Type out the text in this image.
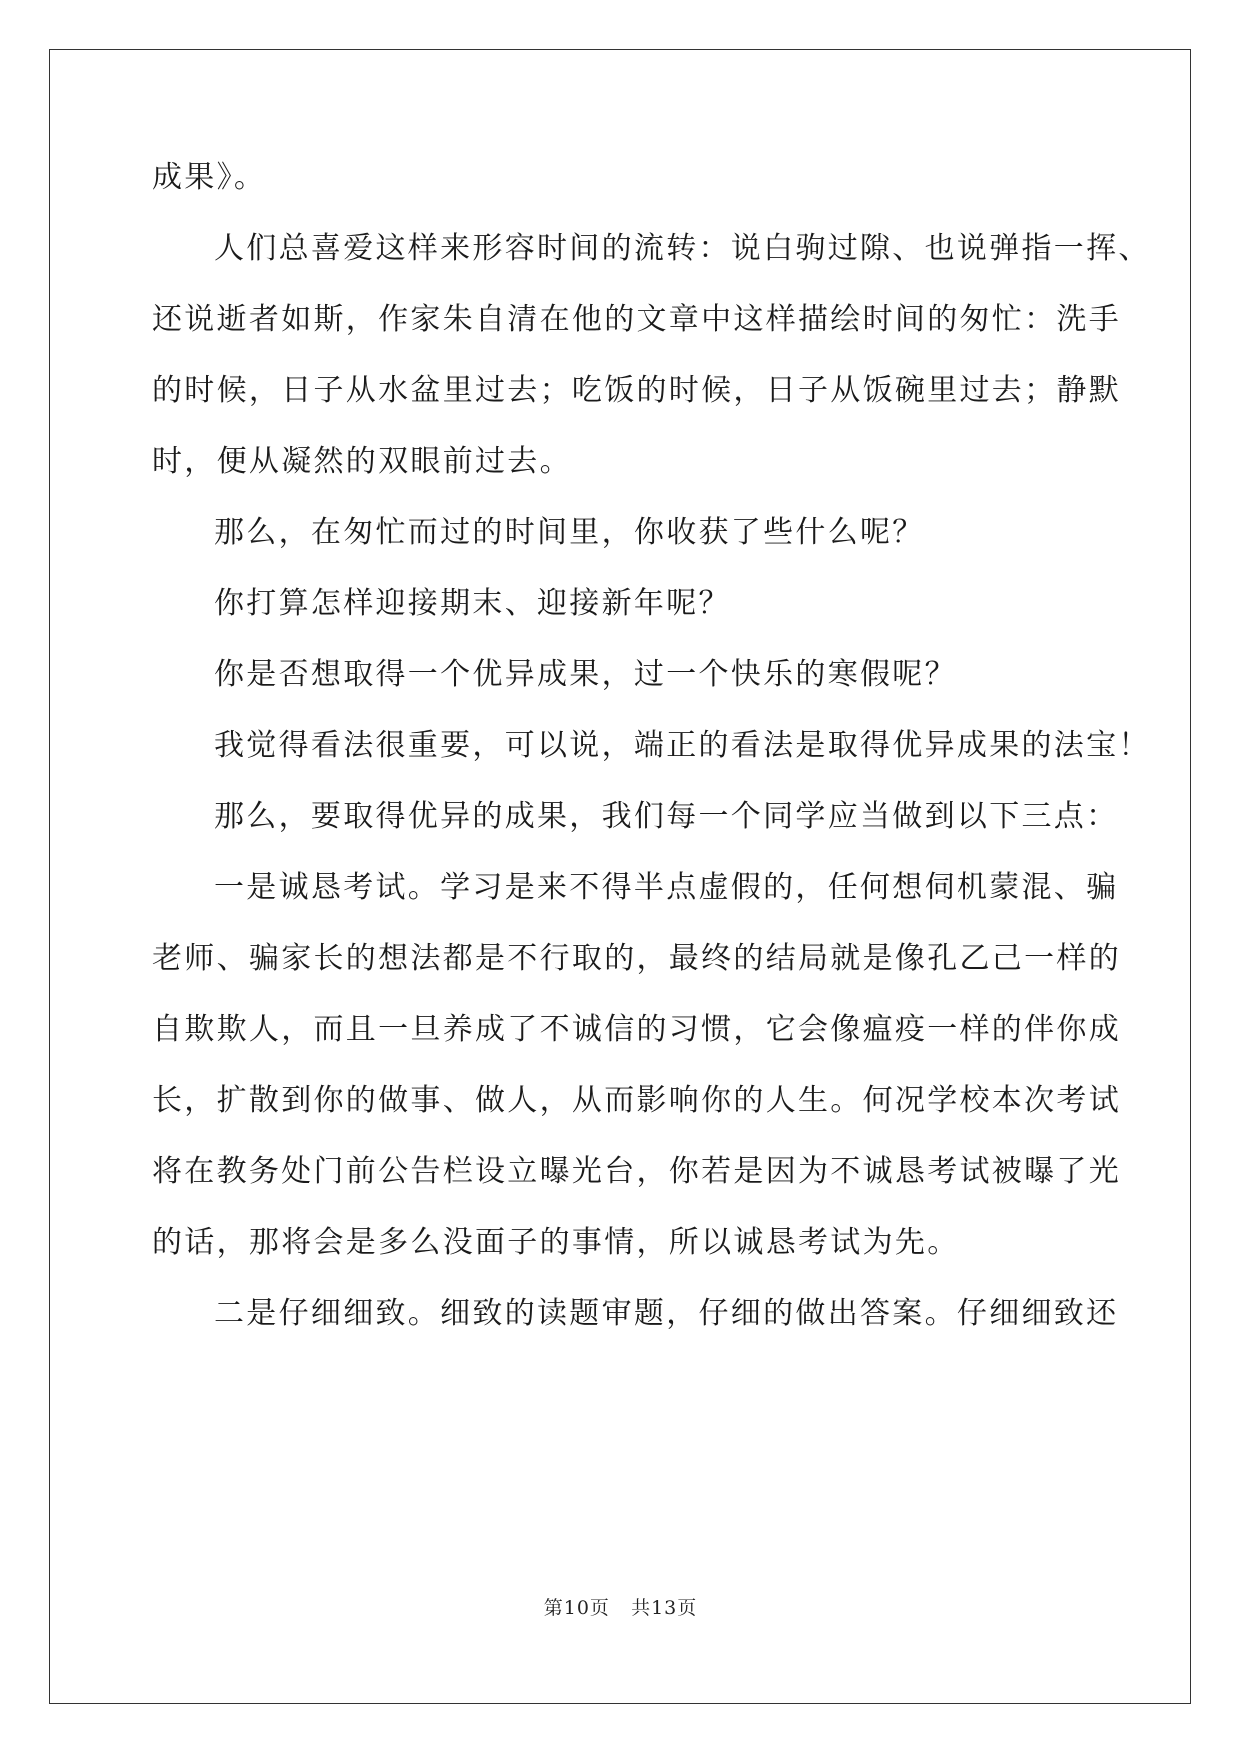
成果》。
人们总喜爱这样来形容时间的流转：说白驹过隙、也说弹指一挥、
还说逝者如斯，作家朱自清在他的文章中这样描绘时间的匆忙：洗手
的时候，日子从水盆里过去；吃饭的时候，日子从饭碗里过去；静默
时，便从凝然的双眼前过去。
那么，在匆忙而过的时间里，你收获了些什么呢？
你打算怎样迎接期末、迎接新年呢？
你是否想取得一个优异成果，过一个快乐的寒假呢？
我觉得看法很重要，可以说，端正的看法是取得优异成果的法宝！
那么，要取得优异的成果，我们每一个同学应当做到以下三点：
一是诚恳考试。学习是来不得半点虚假的，任何想伺机蒙混、骗
老师、骗家长的想法都是不行取的，最终的结局就是像孔乙己一样的
自欺欺人，而且一旦养成了不诚信的习惯，它会像瘟疫一样的伴你成
长，扩散到你的做事、做人，从而影响你的人生。何况学校本次考试
将在教务处门前公告栏设立曝光台，你若是因为不诚恳考试被曝了光
的话，那将会是多么没面子的事情，所以诚恳考试为先。
二是仔细细致。细致的读题审题，仔细的做出答案。仔细细致还
第10页 共13页
